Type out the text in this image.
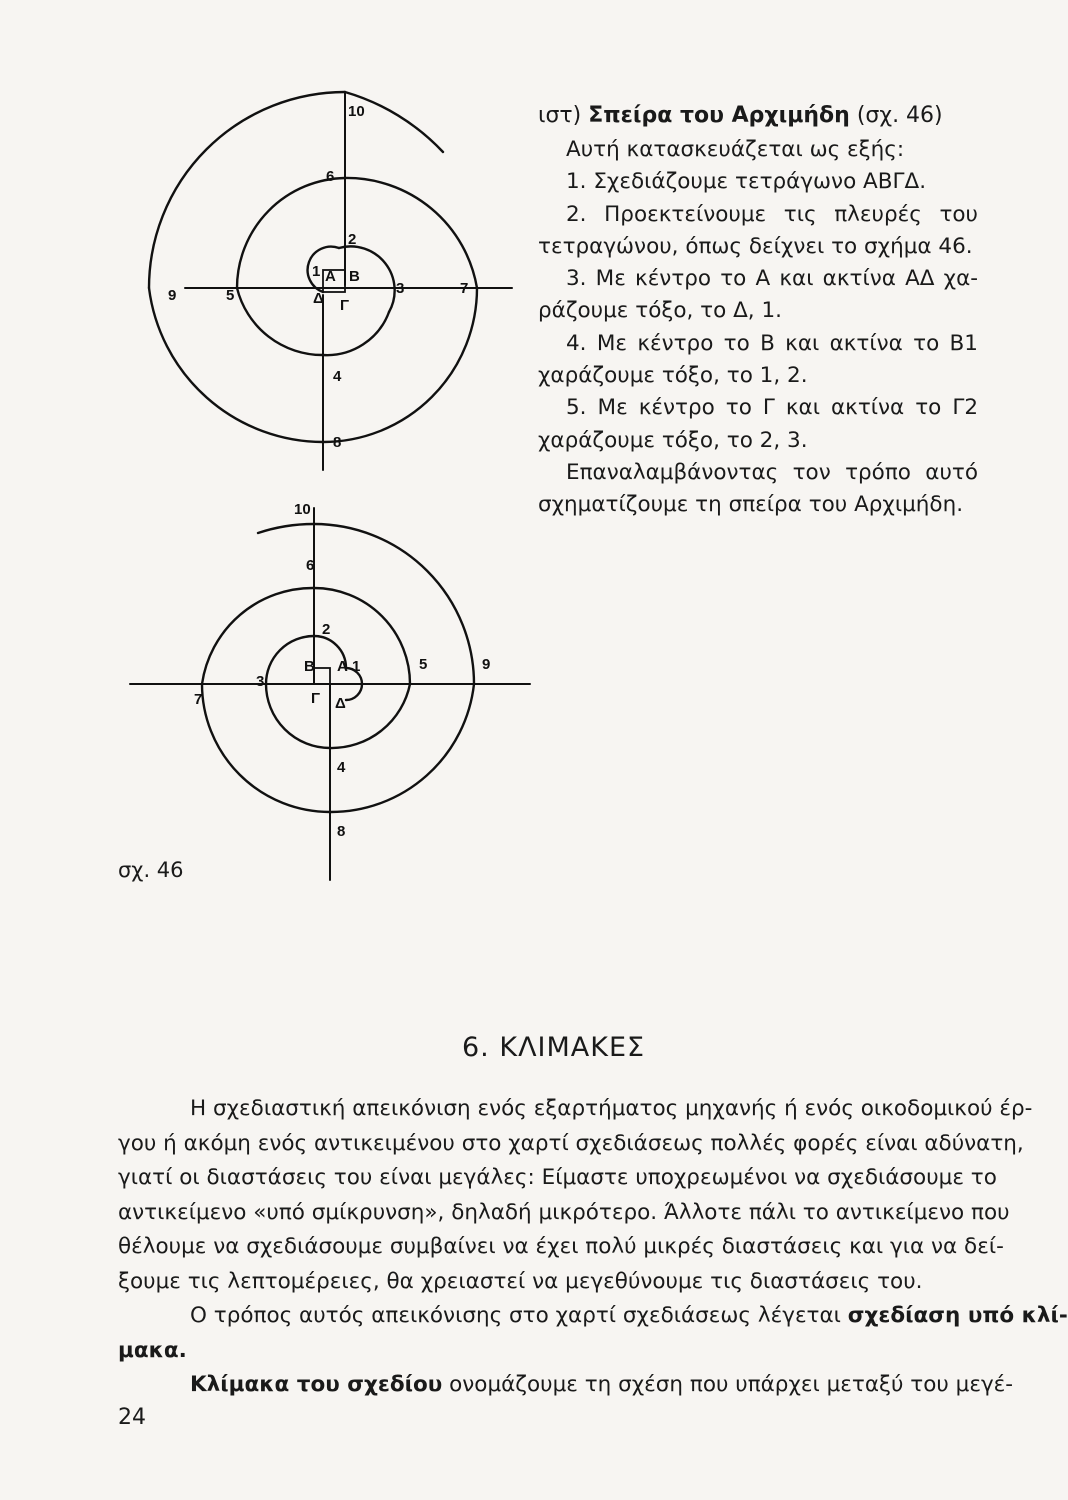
10
6
2
1 Α Β
Γ
Δ
9	5	3	7
4
8
10
6
2
1
Α
Β
Γ Δ
3
5	9
7
4
8
σχ. 46
ιστ) Σπείρα του Αρχιμήδη (σχ. 46)
Αυτή κατασκευάζεται ως εξής:
1. Σχεδιάζουμε τετράγωνο ΑΒΓΔ.
2. Προεκτείνουμε τις πλευρές του
τετραγώνου, όπως δείχνει το σχήμα 46.
3. Με κέντρο το Α και ακτίνα ΑΔ χα-
ράζουμε τόξο, το Δ, 1.
4. Με κέντρο το Β και ακτίνα το Β1
χαράζουμε τόξο, το 1, 2.
5. Με κέντρο το Γ και ακτίνα το Γ2
χαράζουμε τόξο, το 2, 3.
Επαναλαμβάνοντας τον τρόπο αυτό
σχηματίζουμε τη σπείρα του Αρχιμήδη.
6. ΚΛΙΜΑΚΕΣ
Η σχεδιαστική απεικόνιση ενός εξαρτήματος μηχανής ή ενός οικοδομικού έρ-
γου ή ακόμη ενός αντικειμένου στο χαρτί σχεδιάσεως πολλές φορές είναι αδύνατη,
γιατί οι διαστάσεις του είναι μεγάλες: Είμαστε υποχρεωμένοι να σχεδιάσουμε το
αντικείμενο «υπό σμίκρυνση», δηλαδή μικρότερο. Άλλοτε πάλι το αντικείμενο που
θέλουμε να σχεδιάσουμε συμβαίνει να έχει πολύ μικρές διαστάσεις και για να δεί-
ξουμε τις λεπτομέρειες, θα χρειαστεί να μεγεθύνουμε τις διαστάσεις του.
Ο τρόπος αυτός απεικόνισης στο χαρτί σχεδιάσεως λέγεται σχεδίαση υπό κλί-
μακα.
Κλίμακα του σχεδίου ονομάζουμε τη σχέση που υπάρχει μεταξύ του μεγέ-
24
